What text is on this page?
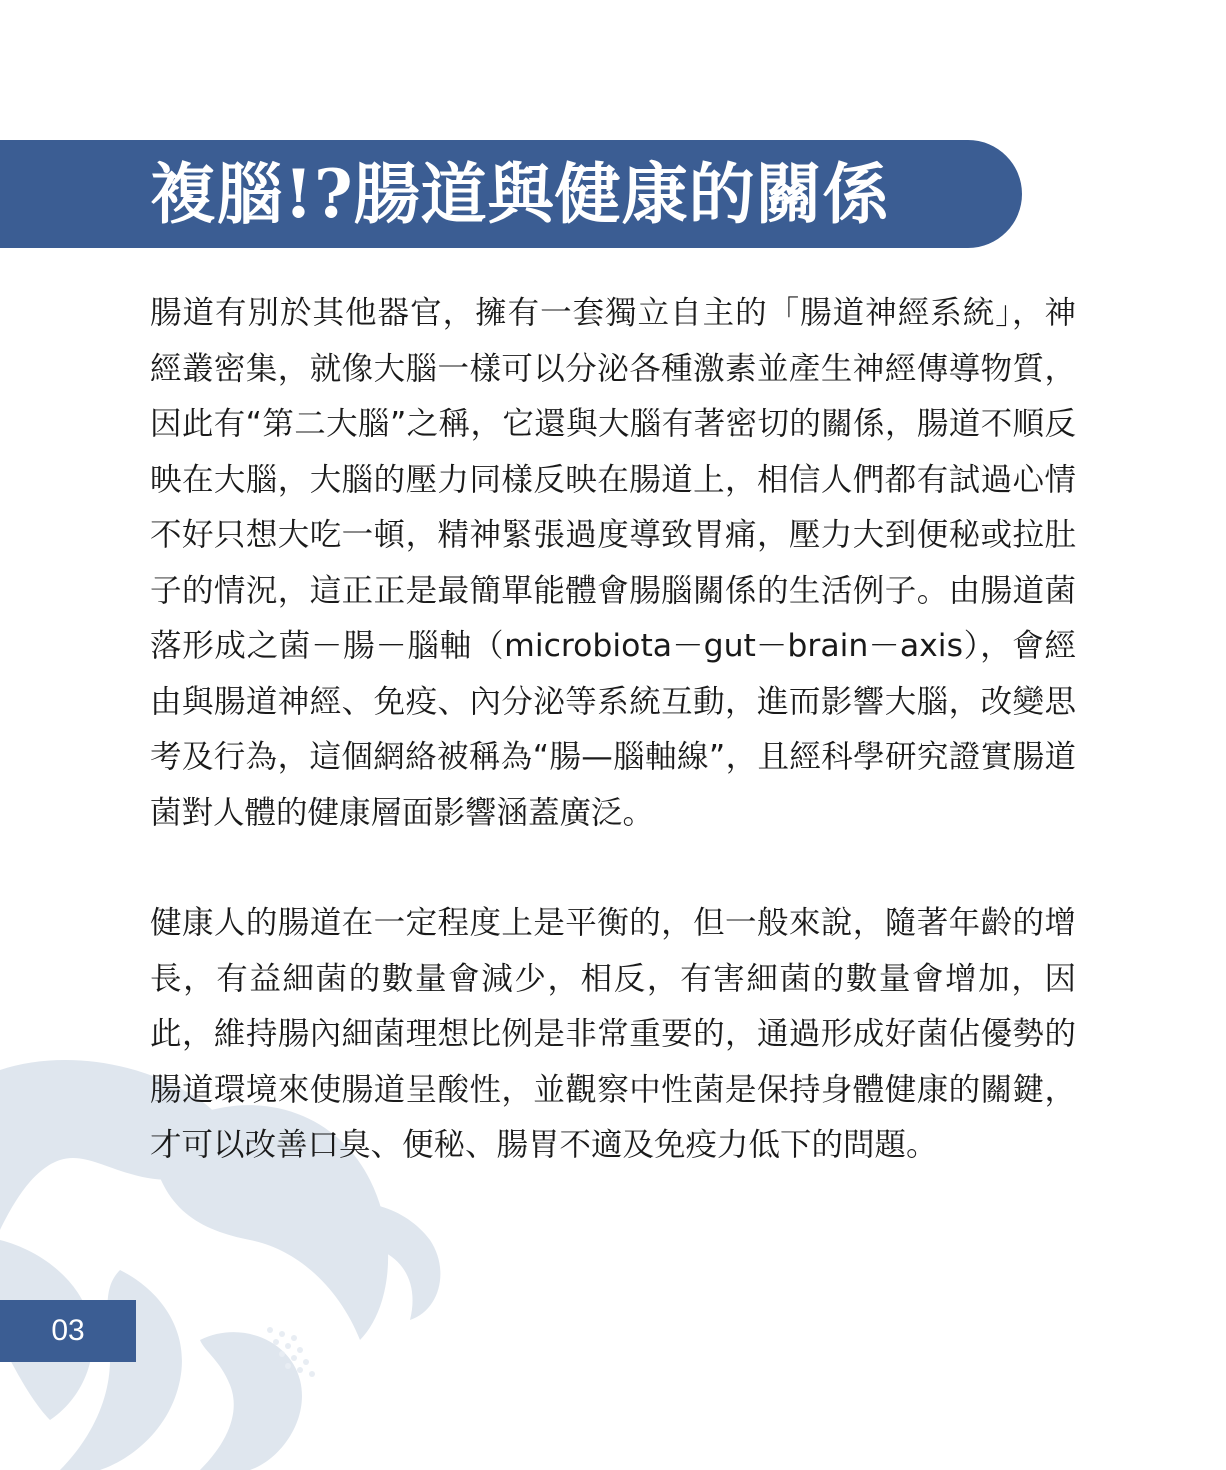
複腦!?腸道與健康的關係

腸道有別於其他器官，擁有一套獨立自主的「腸道神經系統」，神經叢密集，就像大腦一樣可以分泌各種激素並產生神經傳導物質，因此有“第二大腦”之稱，它還與大腦有著密切的關係，腸道不順反映在大腦，大腦的壓力同樣反映在腸道上，相信人們都有試過心情不好只想大吃一頓，精神緊張過度導致胃痛，壓力大到便秘或拉肚子的情況，這正正是最簡單能體會腸腦關係的生活例子。由腸道菌落形成之菌－腸－腦軸（microbiota－gut－brain－axis），會經由與腸道神經、免疫、內分泌等系統互動，進而影響大腦，改變思考及行為，這個網絡被稱為“腸—腦軸線”，且經科學研究證實腸道菌對人體的健康層面影響涵蓋廣泛。

健康人的腸道在一定程度上是平衡的，但一般來說，隨著年齡的增長，有益細菌的數量會減少，相反，有害細菌的數量會增加，因此，維持腸內細菌理想比例是非常重要的，通過形成好菌佔優勢的腸道環境來使腸道呈酸性，並觀察中性菌是保持身體健康的關鍵，才可以改善口臭、便秘、腸胃不適及免疫力低下的問題。

03
